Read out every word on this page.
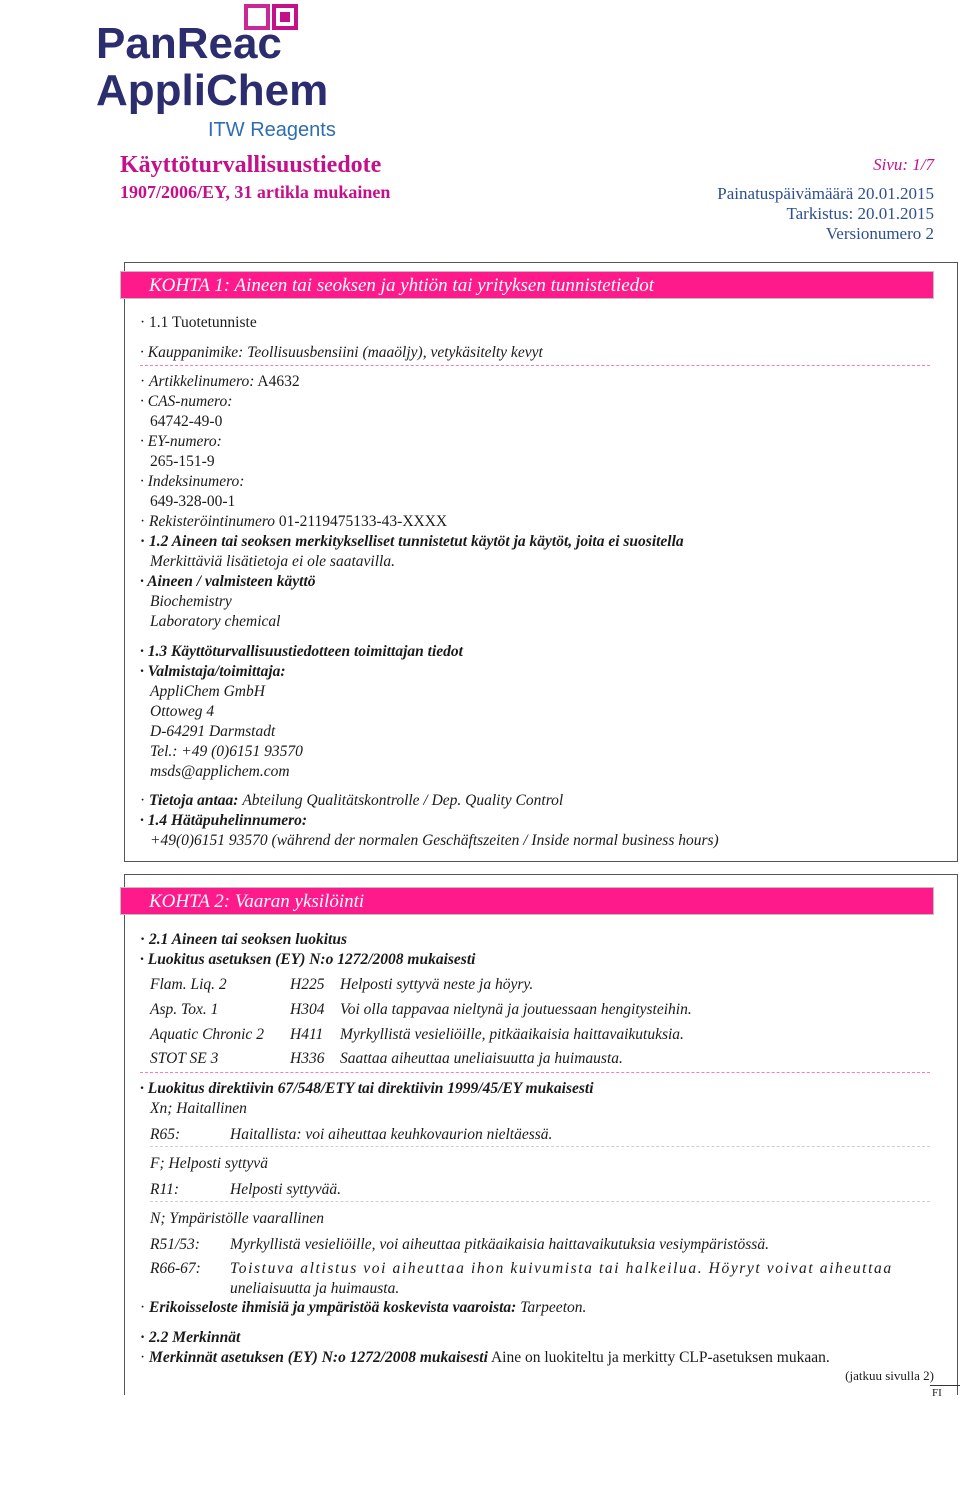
PanReac
AppliChem
ITW Reagents
Käyttöturvallisuustiedote
1907/2006/EY, 31 artikla mukainen
Sivu: 1/7
Painatuspäivämäärä 20.01.2015
Tarkistus: 20.01.2015
Versionumero 2
KOHTA 1: Aineen tai seoksen ja yhtiön tai yrityksen tunnistetiedot
· 1.1 Tuotetunniste
· Kauppanimike: Teollisuusbensiini (maaöljy), vetykäsitelty kevyt
· Artikkelinumero: A4632
· CAS-numero:
64742-49-0
· EY-numero:
265-151-9
· Indeksinumero:
649-328-00-1
· Rekisteröintinumero 01-2119475133-43-XXXX
· 1.2 Aineen tai seoksen merkitykselliset tunnistetut käytöt ja käytöt, joita ei suositella
Merkittäviä lisätietoja ei ole saatavilla.
· Aineen / valmisteen käyttö
Biochemistry
Laboratory chemical
· 1.3 Käyttöturvallisuustiedotteen toimittajan tiedot
· Valmistaja/toimittaja:
AppliChem GmbH
Ottoweg 4
D-64291 Darmstadt
Tel.: +49 (0)6151 93570
msds@applichem.com
· Tietoja antaa: Abteilung Qualitätskontrolle / Dep. Quality Control
· 1.4 Hätäpuhelinnumero:
+49(0)6151 93570 (während der normalen Geschäftszeiten / Inside normal business hours)
KOHTA 2: Vaaran yksilöinti
· 2.1 Aineen tai seoksen luokitus
· Luokitus asetuksen (EY) N:o 1272/2008 mukaisesti
Flam. Liq. 2	H225 Helposti syttyvä neste ja höyry.
Asp. Tox. 1	H304 Voi olla tappavaa nieltynä ja joutuessaan hengitysteihin.
Aquatic Chronic 2 H411 Myrkyllistä vesieliöille, pitkäaikaisia haittavaikutuksia.
STOT SE 3	H336 Saattaa aiheuttaa uneliaisuutta ja huimausta.
· Luokitus direktiivin 67/548/ETY tai direktiivin 1999/45/EY mukaisesti
Xn; Haitallinen
R65:	Haitallista: voi aiheuttaa keuhkovaurion nieltäessä.
F; Helposti syttyvä
R11:	Helposti syttyvää.
N; Ympäristölle vaarallinen
R51/53: Myrkyllistä vesieliöille, voi aiheuttaa pitkäaikaisia haittavaikutuksia vesiympäristössä.
R66-67: Toistuva altistus voi aiheuttaa ihon kuivumista tai halkeilua. Höyryt voivat aiheuttaa
uneliaisuutta ja huimausta.
· Erikoisseloste ihmisiä ja ympäristöä koskevista vaaroista: Tarpeeton.
· 2.2 Merkinnät
· Merkinnät asetuksen (EY) N:o 1272/2008 mukaisesti Aine on luokiteltu ja merkitty CLP-asetuksen mukaan.
(jatkuu sivulla 2)
FI
